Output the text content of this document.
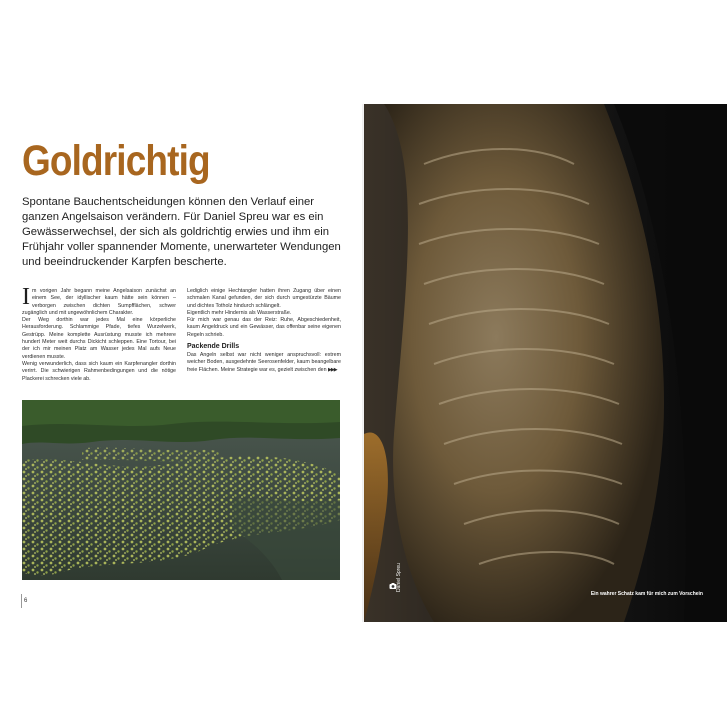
Goldrichtig

Spontane Bauchentscheidungen können den Verlauf einer ganzen Angelsaison verändern. Für Daniel Spreu war es ein Gewässerwechsel, der sich als goldrichtig erwies und ihm ein Frühjahr voller spannender Momente, unerwarteter Wendungen und beeindruckender Karpfen bescherte.

Im vorigen Jahr begann meine Angelsaison zunächst an einem See, der idyllischer kaum hätte sein können – verborgen zwischen dichten Sumpfflächen, schwer zugänglich und mit ungewöhnlichem Charakter.

Der Weg dorthin war jedes Mal eine körperliche Herausforderung. Schlammige Pfade, tiefes Wurzelwerk, Gestrüpp. Meine komplette Ausrüstung musste ich mehrere hundert Meter weit durchs Dickicht schleppen. Eine Tortour, bei der ich mir meinen Platz am Wasser jedes Mal aufs Neue verdienen musste.

Wenig verwunderlich, dass sich kaum ein Karpfenangler dorthin verirrt. Die schwierigen Rahmenbedingungen und die nötige Plackerei schrecken viele ab.

Lediglich einige Hechtangler hatten ihren Zugang über einen schmalen Kanal gefunden, der sich durch umgestürzte Bäume und dichtes Totholz hindurch schlängelt.

Eigentlich mehr Hindernis als Wasserstraße.

Für mich war genau das der Reiz: Ruhe, Abgeschiedenheit, kaum Angeldruck und ein Gewässer, das offenbar seine eigenen Regeln schrieb.

Packende Drills

Das Angeln selbst war nicht weniger anspruchsvoll: extrem weicher Boden, ausgedehnte Seerosenfelder, kaum beangelbare freie Flächen. Meine Strategie war es, gezielt zwischen den ▶▶▶

6
Daniel Spreu
Ein wahrer Schatz kam für mich zum Vorschein
